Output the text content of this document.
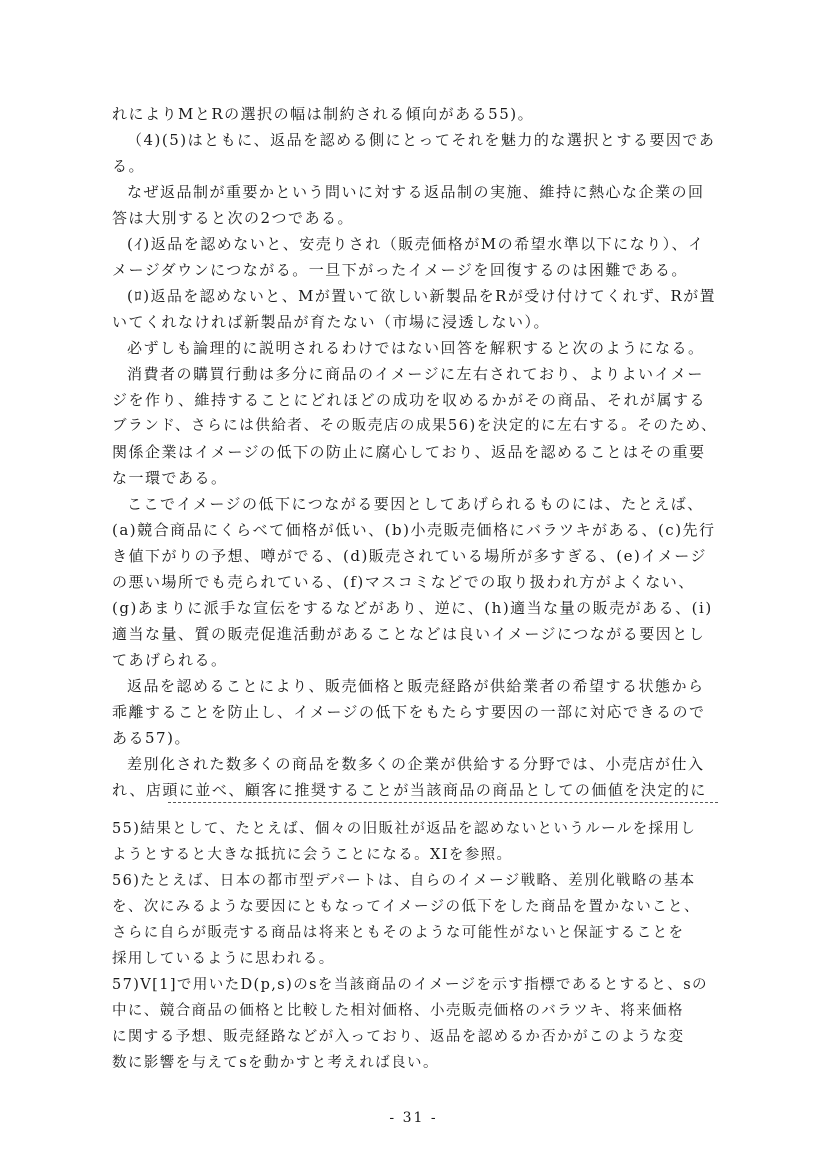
れによりMとRの選択の幅は制約される傾向がある55)。
（4)(5)はともに、返品を認める側にとってそれを魅力的な選択とする要因であ
る。
なぜ返品制が重要かという問いに対する返品制の実施、維持に熱心な企業の回
答は大別すると次の2つである。
(ｲ)返品を認めないと、安売りされ（販売価格がMの希望水準以下になり）、イ
メージダウンにつながる。一旦下がったイメージを回復するのは困難である。
(ﾛ)返品を認めないと、Mが置いて欲しい新製品をRが受け付けてくれず、Rが置
いてくれなければ新製品が育たない（市場に浸透しない）。
必ずしも論理的に説明されるわけではない回答を解釈すると次のようになる。
消費者の購買行動は多分に商品のイメージに左右されており、よりよいイメー
ジを作り、維持することにどれほどの成功を収めるかがその商品、それが属する
ブランド、さらには供給者、その販売店の成果56)を決定的に左右する。そのため、
関係企業はイメージの低下の防止に腐心しており、返品を認めることはその重要
な一環である。
ここでイメージの低下につながる要因としてあげられるものには、たとえば、
(a)競合商品にくらべて価格が低い、(b)小売販売価格にバラツキがある、(c)先行
き値下がりの予想、噂がでる、(d)販売されている場所が多すぎる、(e)イメージ
の悪い場所でも売られている、(f)マスコミなどでの取り扱われ方がよくない、
(g)あまりに派手な宣伝をするなどがあり、逆に、(h)適当な量の販売がある、(i)
適当な量、質の販売促進活動があることなどは良いイメージにつながる要因とし
てあげられる。
返品を認めることにより、販売価格と販売経路が供給業者の希望する状態から
乖離することを防止し、イメージの低下をもたらす要因の一部に対応できるので
ある57)。
差別化された数多くの商品を数多くの企業が供給する分野では、小売店が仕入
れ、店頭に並べ、顧客に推奨することが当該商品の商品としての価値を決定的に
55)結果として、たとえば、個々の旧販社が返品を認めないというルールを採用し
ようとすると大きな抵抗に会うことになる。XIを参照。
56)たとえば、日本の都市型デパートは、自らのイメージ戦略、差別化戦略の基本
を、次にみるような要因にともなってイメージの低下をした商品を置かないこと、
さらに自らが販売する商品は将来ともそのような可能性がないと保証することを
採用しているように思われる。
57)V[1]で用いたD(p,s)のsを当該商品のイメージを示す指標であるとすると、sの
中に、競合商品の価格と比較した相対価格、小売販売価格のバラツキ、将来価格
に関する予想、販売経路などが入っており、返品を認めるか否かがこのような変
数に影響を与えてsを動かすと考えれば良い。
- 31 -
